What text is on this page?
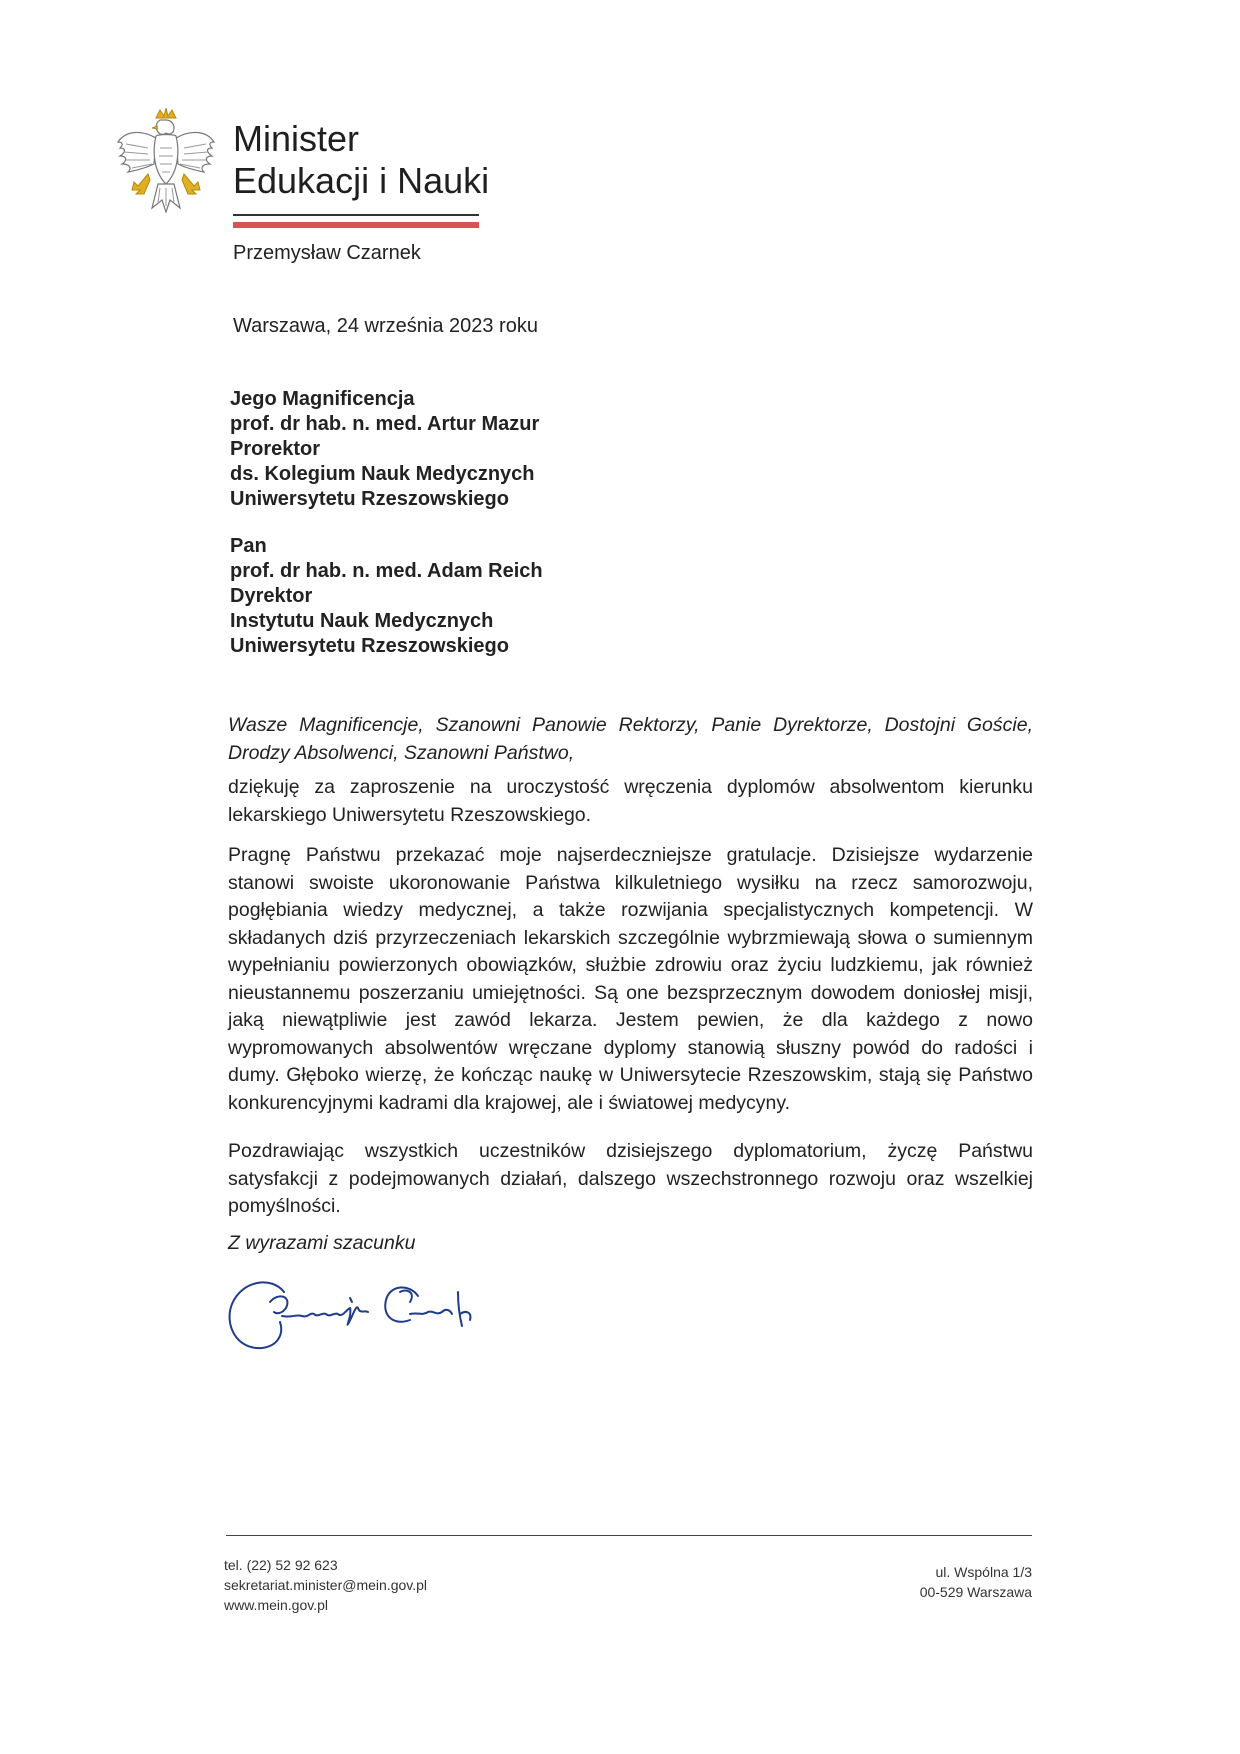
Minister
Edukacji i Nauki
Przemysław Czarnek
Warszawa, 24 września 2023 roku
Jego Magnificencja
prof. dr hab. n. med. Artur Mazur
Prorektor
ds. Kolegium Nauk Medycznych
Uniwersytetu Rzeszowskiego
Pan
prof. dr hab. n. med. Adam Reich
Dyrektor
Instytutu Nauk Medycznych
Uniwersytetu Rzeszowskiego
Wasze Magnificencje, Szanowni Panowie Rektorzy, Panie Dyrektorze, Dostojni Goście, Drodzy Absolwenci, Szanowni Państwo,

dziękuję za zaproszenie na uroczystość wręczenia dyplomów absolwentom kierunku lekarskiego Uniwersytetu Rzeszowskiego.

Pragnę Państwu przekazać moje najserdeczniejsze gratulacje. Dzisiejsze wydarzenie stanowi swoiste ukoronowanie Państwa kilkuletniego wysiłku na rzecz samorozwoju, pogłębiania wiedzy medycznej, a także rozwijania specjalistycznych kompetencji. W składanych dziś przyrzeczeniach lekarskich szczególnie wybrzmiewają słowa o sumiennym wypełnianiu powierzonych obowiązków, służbie zdrowiu oraz życiu ludzkiemu, jak również nieustannemu poszerzaniu umiejętności. Są one bezsprzecznym dowodem doniosłej misji, jaką niewątpliwie jest zawód lekarza. Jestem pewien, że dla każdego z nowo wypromowanych absolwentów wręczane dyplomy stanowią słuszny powód do radości i dumy. Głęboko wierzę, że kończąc naukę w Uniwersytecie Rzeszowskim, stają się Państwo konkurencyjnymi kadrami dla krajowej, ale i światowej medycyny.

Pozdrawiając wszystkich uczestników dzisiejszego dyplomatorium, życzę Państwu satysfakcji z podejmowanych działań, dalszego wszechstronnego rozwoju oraz wszelkiej pomyślności.

Z wyrazami szacunku
tel. (22) 52 92 623
sekretariat.minister@mein.gov.pl
www.mein.gov.pl
ul. Wspólna 1/3
00-529 Warszawa
